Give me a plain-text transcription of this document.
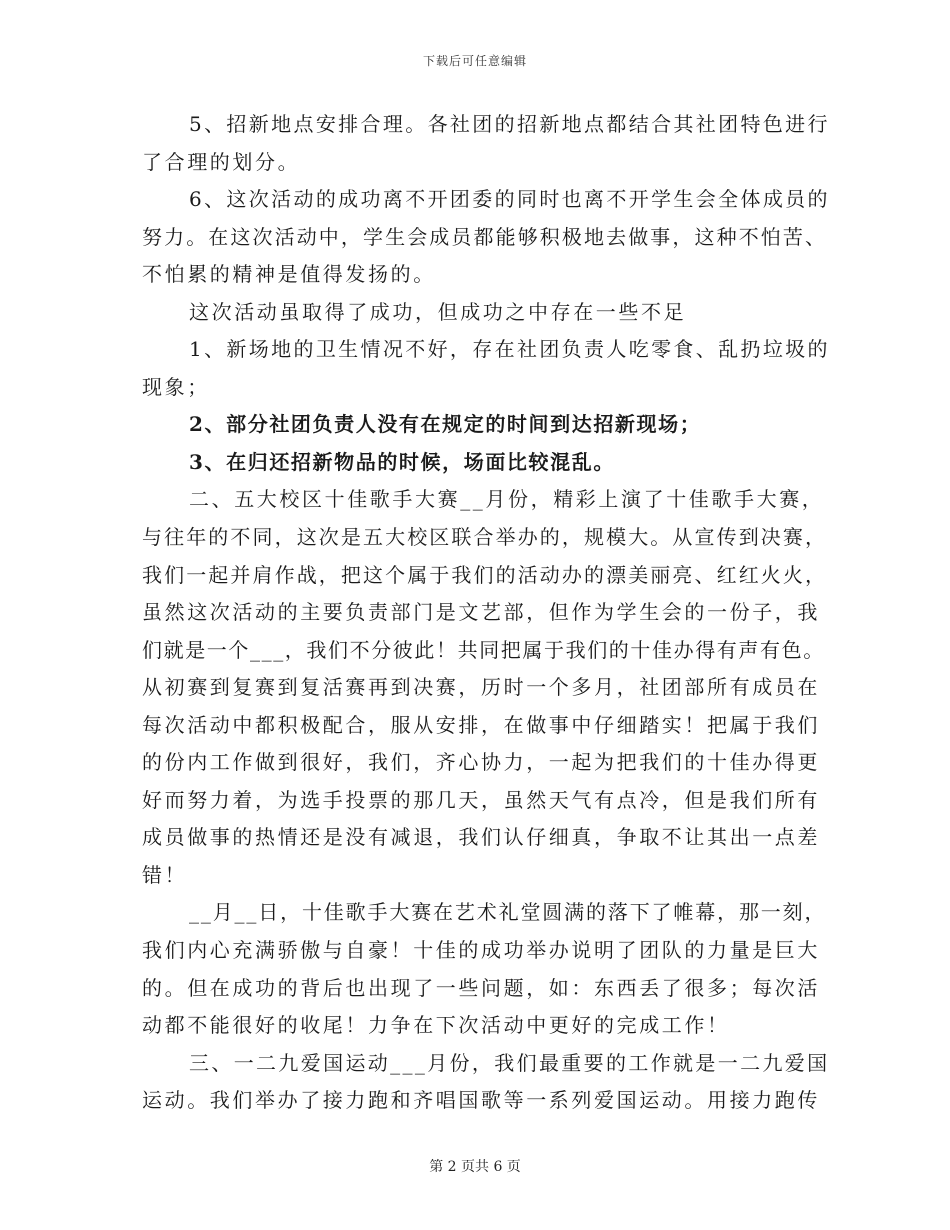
下载后可任意编辑
5、招新地点安排合理。各社团的招新地点都结合其社团特色进行
了合理的划分。
6、这次活动的成功离不开团委的同时也离不开学生会全体成员的
努力。在这次活动中，学生会成员都能够积极地去做事，这种不怕苦、
不怕累的精神是值得发扬的。
这次活动虽取得了成功，但成功之中存在一些不足
1、新场地的卫生情况不好，存在社团负责人吃零食、乱扔垃圾的
现象；
2、部分社团负责人没有在规定的时间到达招新现场；
3、在归还招新物品的时候，场面比较混乱。
二、五大校区十佳歌手大赛__月份，精彩上演了十佳歌手大赛，
与往年的不同，这次是五大校区联合举办的，规模大。从宣传到决赛，
我们一起并肩作战，把这个属于我们的活动办的漂美丽亮、红红火火，
虽然这次活动的主要负责部门是文艺部，但作为学生会的一份子，我
们就是一个___，我们不分彼此！共同把属于我们的十佳办得有声有色。
从初赛到复赛到复活赛再到决赛，历时一个多月，社团部所有成员在
每次活动中都积极配合，服从安排，在做事中仔细踏实！把属于我们
的份内工作做到很好，我们，齐心协力，一起为把我们的十佳办得更
好而努力着，为选手投票的那几天，虽然天气有点冷，但是我们所有
成员做事的热情还是没有减退，我们认仔细真，争取不让其出一点差
错！
__月__日，十佳歌手大赛在艺术礼堂圆满的落下了帷幕，那一刻，
我们内心充满骄傲与自豪！十佳的成功举办说明了团队的力量是巨大
的。但在成功的背后也出现了一些问题，如：东西丢了很多；每次活
动都不能很好的收尾！力争在下次活动中更好的完成工作！
三、一二九爱国运动___月份，我们最重要的工作就是一二九爱国
运动。我们举办了接力跑和齐唱国歌等一系列爱国运动。用接力跑传
第 2 页共 6 页
